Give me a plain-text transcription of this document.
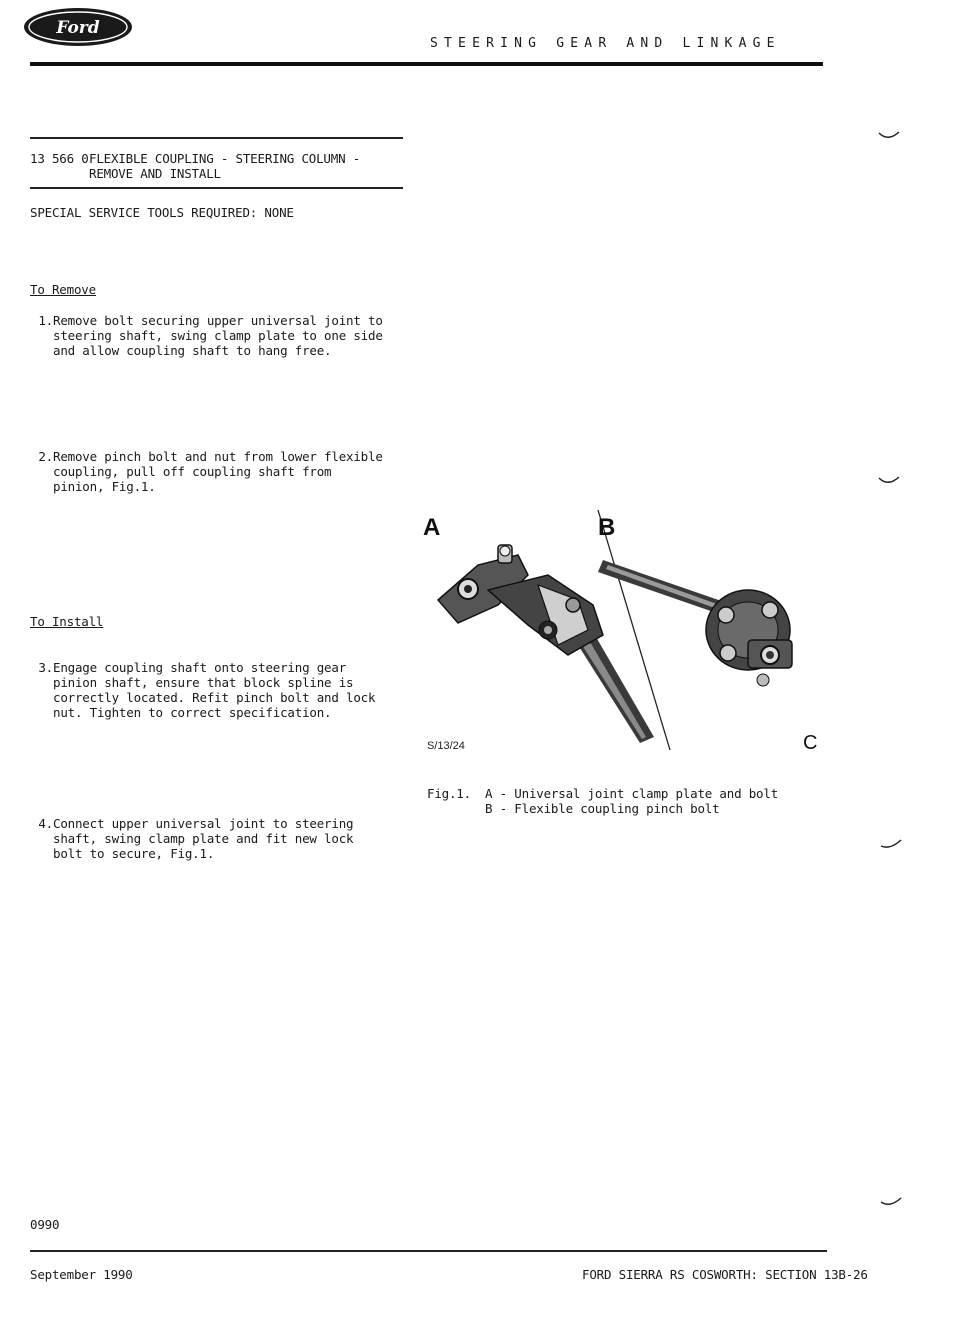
Ford
STEERING GEAR AND LINKAGE
13 566 0 FLEXIBLE COUPLING - STEERING COLUMN -
REMOVE AND INSTALL
SPECIAL SERVICE TOOLS REQUIRED: NONE
To Remove
1. Remove bolt securing upper universal joint to
steering shaft, swing clamp plate to one side
and allow coupling shaft to hang free.
2. Remove pinch bolt and nut from lower flexible
coupling, pull off coupling shaft from
pinion, Fig.1.
To Install
3. Engage coupling shaft onto steering gear
pinion shaft, ensure that block spline is
correctly located. Refit pinch bolt and lock
nut. Tighten to correct specification.
4. Connect upper universal joint to steering
shaft, swing clamp plate and fit new lock
bolt to secure, Fig.1.
A	B
C
S/13/24
Fig.1.	A - Universal joint clamp plate and bolt
B - Flexible coupling pinch bolt
0990
September 1990	FORD SIERRA RS COSWORTH: SECTION 13B-26
